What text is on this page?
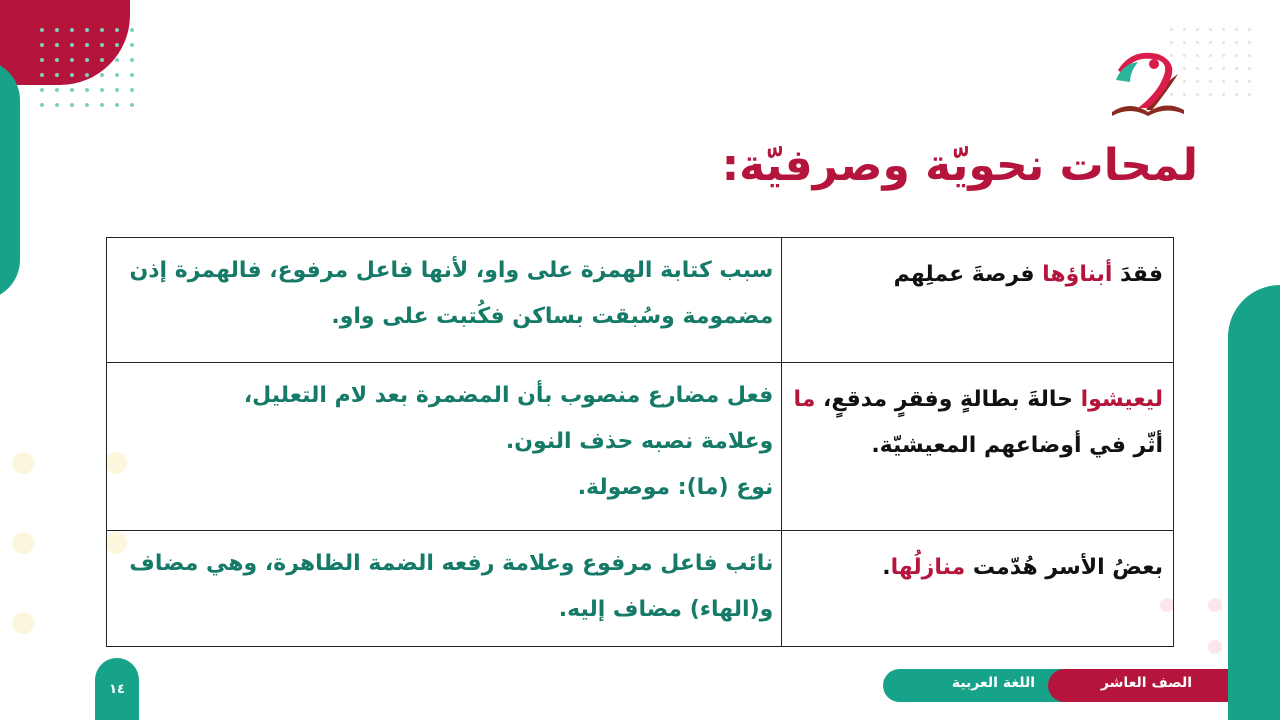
لمحات نحويّة وصرفيّة:
فقدَ أبناؤها فرصةَ عملِهم	سبب كتابة الهمزة على واو، لأنها فاعل مرفوع، فالهمزة إذن مضمومة وسُبقت بساكن فكُتبت على واو.
ليعيشوا حالةَ بطالةٍ وفقرٍ مدقعٍ، ما أثّر في أوضاعهم المعيشيّة.	فعل مضارع منصوب بأن المضمرة بعد لام التعليل،
وعلامة نصبه حذف النون.
نوع (ما): موصولة.

بعضُ الأسر هُدّمت منازلُها.	نائب فاعل مرفوع وعلامة رفعه الضمة الظاهرة، وهي مضاف و(الهاء) مضاف إليه.
١٤	اللغة العربية	الصف العاشر
